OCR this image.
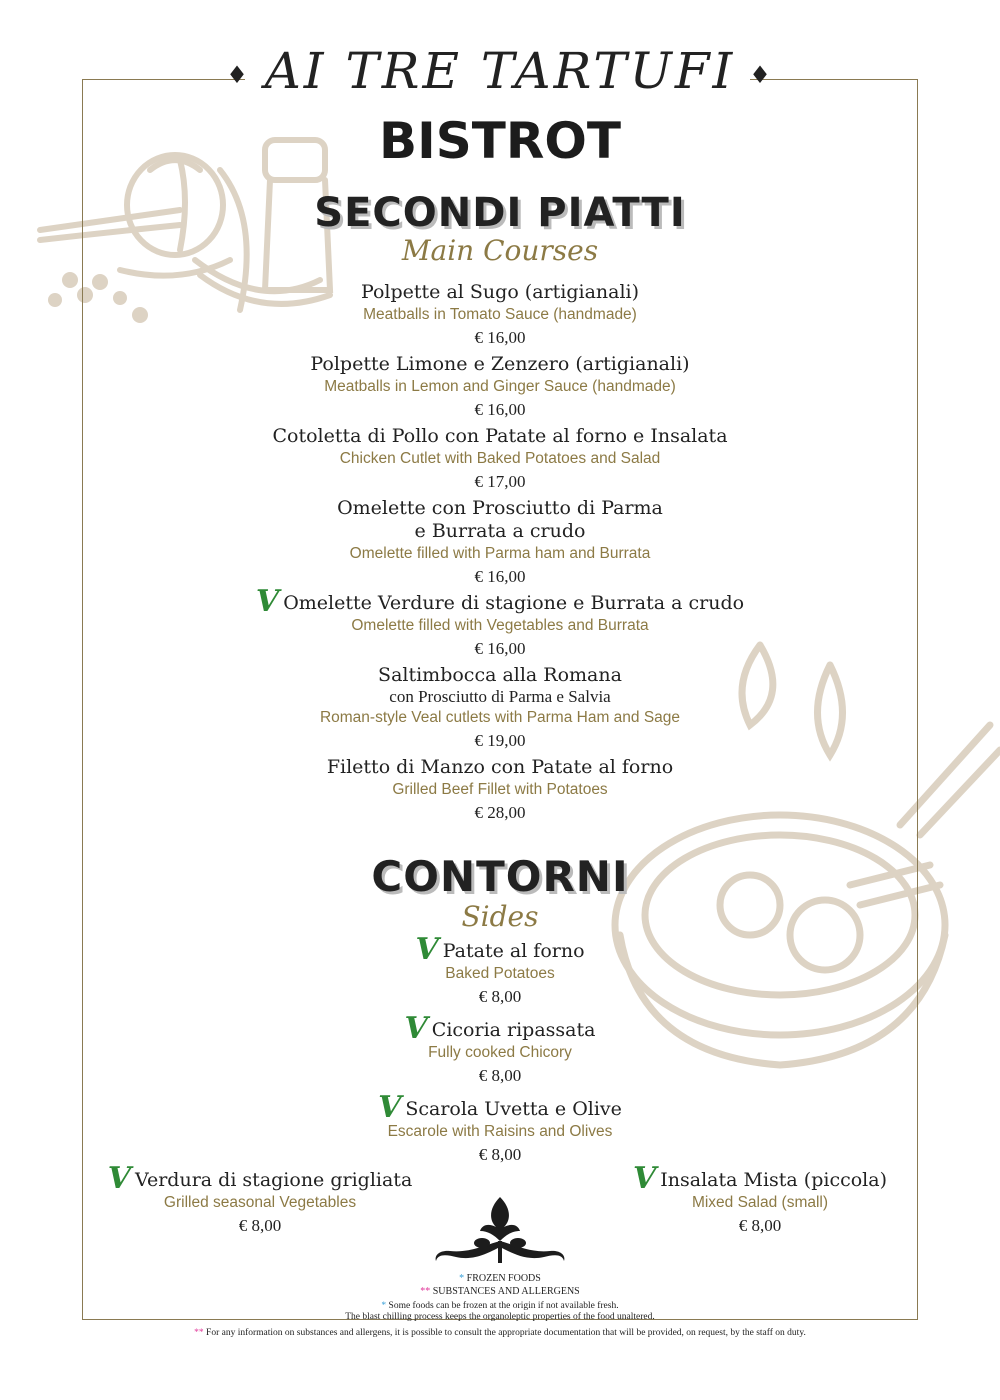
♦ AI TRE TARTUFI ♦
BISTROT
SECONDI PIATTI
Main Courses
Polpette al Sugo (artigianali)
Meatballs in Tomato Sauce (handmade)
€ 16,00
Polpette Limone e Zenzero (artigianali)
Meatballs in Lemon and Ginger Sauce (handmade)
€ 16,00
Cotoletta di Pollo con Patate al forno e Insalata
Chicken Cutlet with Baked Potatoes and Salad
€ 17,00
Omelette con Prosciutto di Parma
e Burrata a crudo
Omelette filled with Parma ham and Burrata
€ 16,00
V Omelette Verdure di stagione e Burrata a crudo
Omelette filled with Vegetables and Burrata
€ 16,00
Saltimbocca alla Romana
con Prosciutto di Parma e Salvia
Roman-style Veal cutlets with Parma Ham and Sage
€ 19,00
Filetto di Manzo con Patate al forno
Grilled Beef Fillet with Potatoes
€ 28,00
CONTORNI
Sides
V Patate al forno
Baked Potatoes
€ 8,00
V Cicoria ripassata
Fully cooked Chicory
€ 8,00
V Scarola Uvetta e Olive
Escarole with Raisins and Olives
€ 8,00
V Verdura di stagione grigliata
Grilled seasonal Vegetables
€ 8,00
V Insalata Mista (piccola)
Mixed Salad (small)
€ 8,00
* FROZEN FOODS
** SUBSTANCES AND ALLERGENS
* Some foods can be frozen at the origin if not available fresh.
The blast chilling process keeps the organoleptic properties of the food unaltered.
** For any information on substances and allergens, it is possible to consult the appropriate documentation that will be provided, on request, by the staff on duty.
